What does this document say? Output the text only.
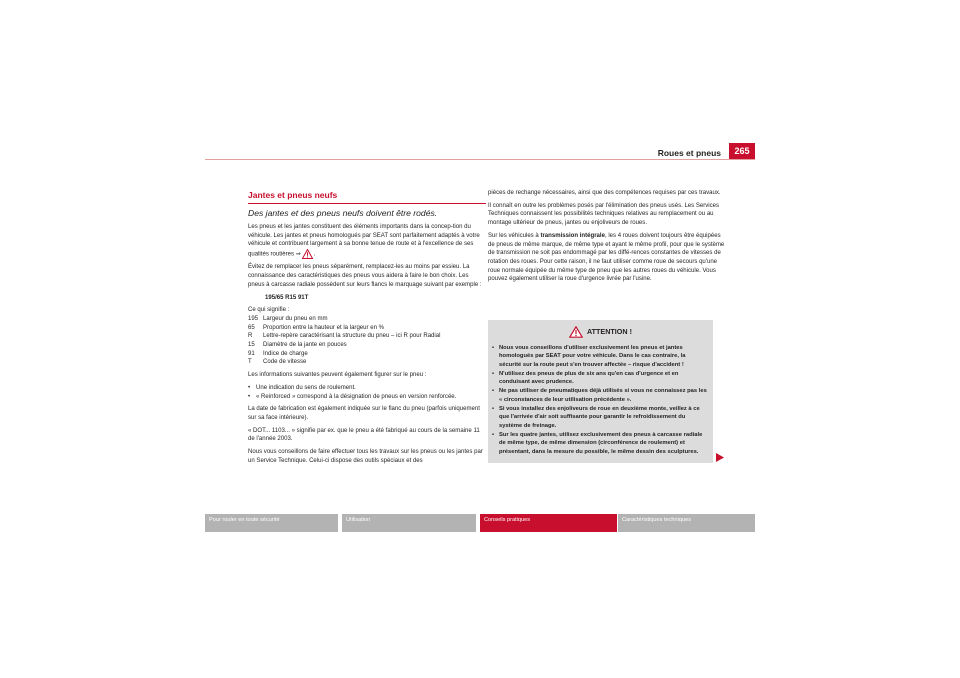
Roues et pneus	265
Jantes et pneus neufs

Des jantes et des pneus neufs doivent être rodés.

Les pneus et les jantes constituent des éléments importants dans la concep-tion du véhicule. Les jantes et pneus homologués par SEAT sont parfaitement adaptés à votre véhicule et contribuent largement à sa bonne tenue de route et à l'excellence de ses qualités routières ⇒ .

Évitez de remplacer les pneus séparément, remplacez-les au moins par essieu. La connaissance des caractéristiques des pneus vous aidera à faire le bon choix. Les pneus à carcasse radiale possèdent sur leurs flancs le marquage suivant par exemple :

195/65 R15 91T

Ce qui signifie :

195 Largeur du pneu en mm
65	Proportion entre la hauteur et la largeur en %
R	Lettre-repère caractérisant la structure du pneu – ici R pour Radial
15	Diamètre de la jante en pouces
91	Indice de charge
T	Code de vitesse

Les informations suivantes peuvent également figurer sur le pneu :

• Une indication du sens de roulement.
• « Reinforced » correspond à la désignation de pneus en version renforcée.

La date de fabrication est également indiquée sur le flanc du pneu (parfois uniquement sur sa face intérieure).

« DOT... 1103... » signifie par ex. que le pneu a été fabriqué au cours de la semaine 11 de l'année 2003.

Nous vous conseillons de faire effectuer tous les travaux sur les pneus ou les jantes par un Service Technique. Celui-ci dispose des outils spéciaux et des

pièces de rechange nécessaires, ainsi que des compétences requises par ces travaux.

Il connaît en outre les problèmes posés par l'élimination des pneus usés. Les Services Techniques connaissent les possibilités techniques relatives au remplacement ou au montage ultérieur de pneus, jantes ou enjoliveurs de roues.

Sur les véhicules à transmission intégrale, les 4 roues doivent toujours être équipées de pneus de même marque, de même type et ayant le même profil, pour que le système de transmission ne soit pas endommagé par les diffé-rences constantes de vitesses de rotation des roues. Pour cette raison, il ne faut utiliser comme roue de secours qu'une roue normale équipée du même type de pneu que les autres roues du véhicule. Vous pouvez également utiliser la roue d'urgence livrée par l'usine.

ATTENTION !
• Nous vous conseillons d'utiliser exclusivement les pneus et jantes homologués par SEAT pour votre véhicule. Dans le cas contraire, la sécurité sur la route peut s'en trouver affectée – risque d'accident !
• N'utilisez des pneus de plus de six ans qu'en cas d'urgence et en conduisant avec prudence.
• Ne pas utiliser de pneumatiques déjà utilisés si vous ne connaissez pas les « circonstances de leur utilisation précédente ».
• Si vous installez des enjoliveurs de roue en deuxième monte, veillez à ce que l'arrivée d'air soit suffisante pour garantir le refroidissement du système de freinage.
• Sur les quatre jantes, utilisez exclusivement des pneus à carcasse radiale de même type, de même dimension (circonférence de roulement) et présentant, dans la mesure du possible, le même dessin des sculptures.
Pour rouler en toute sécurité	Utilisation	Conseils pratiques	Caractéristiques techniques
